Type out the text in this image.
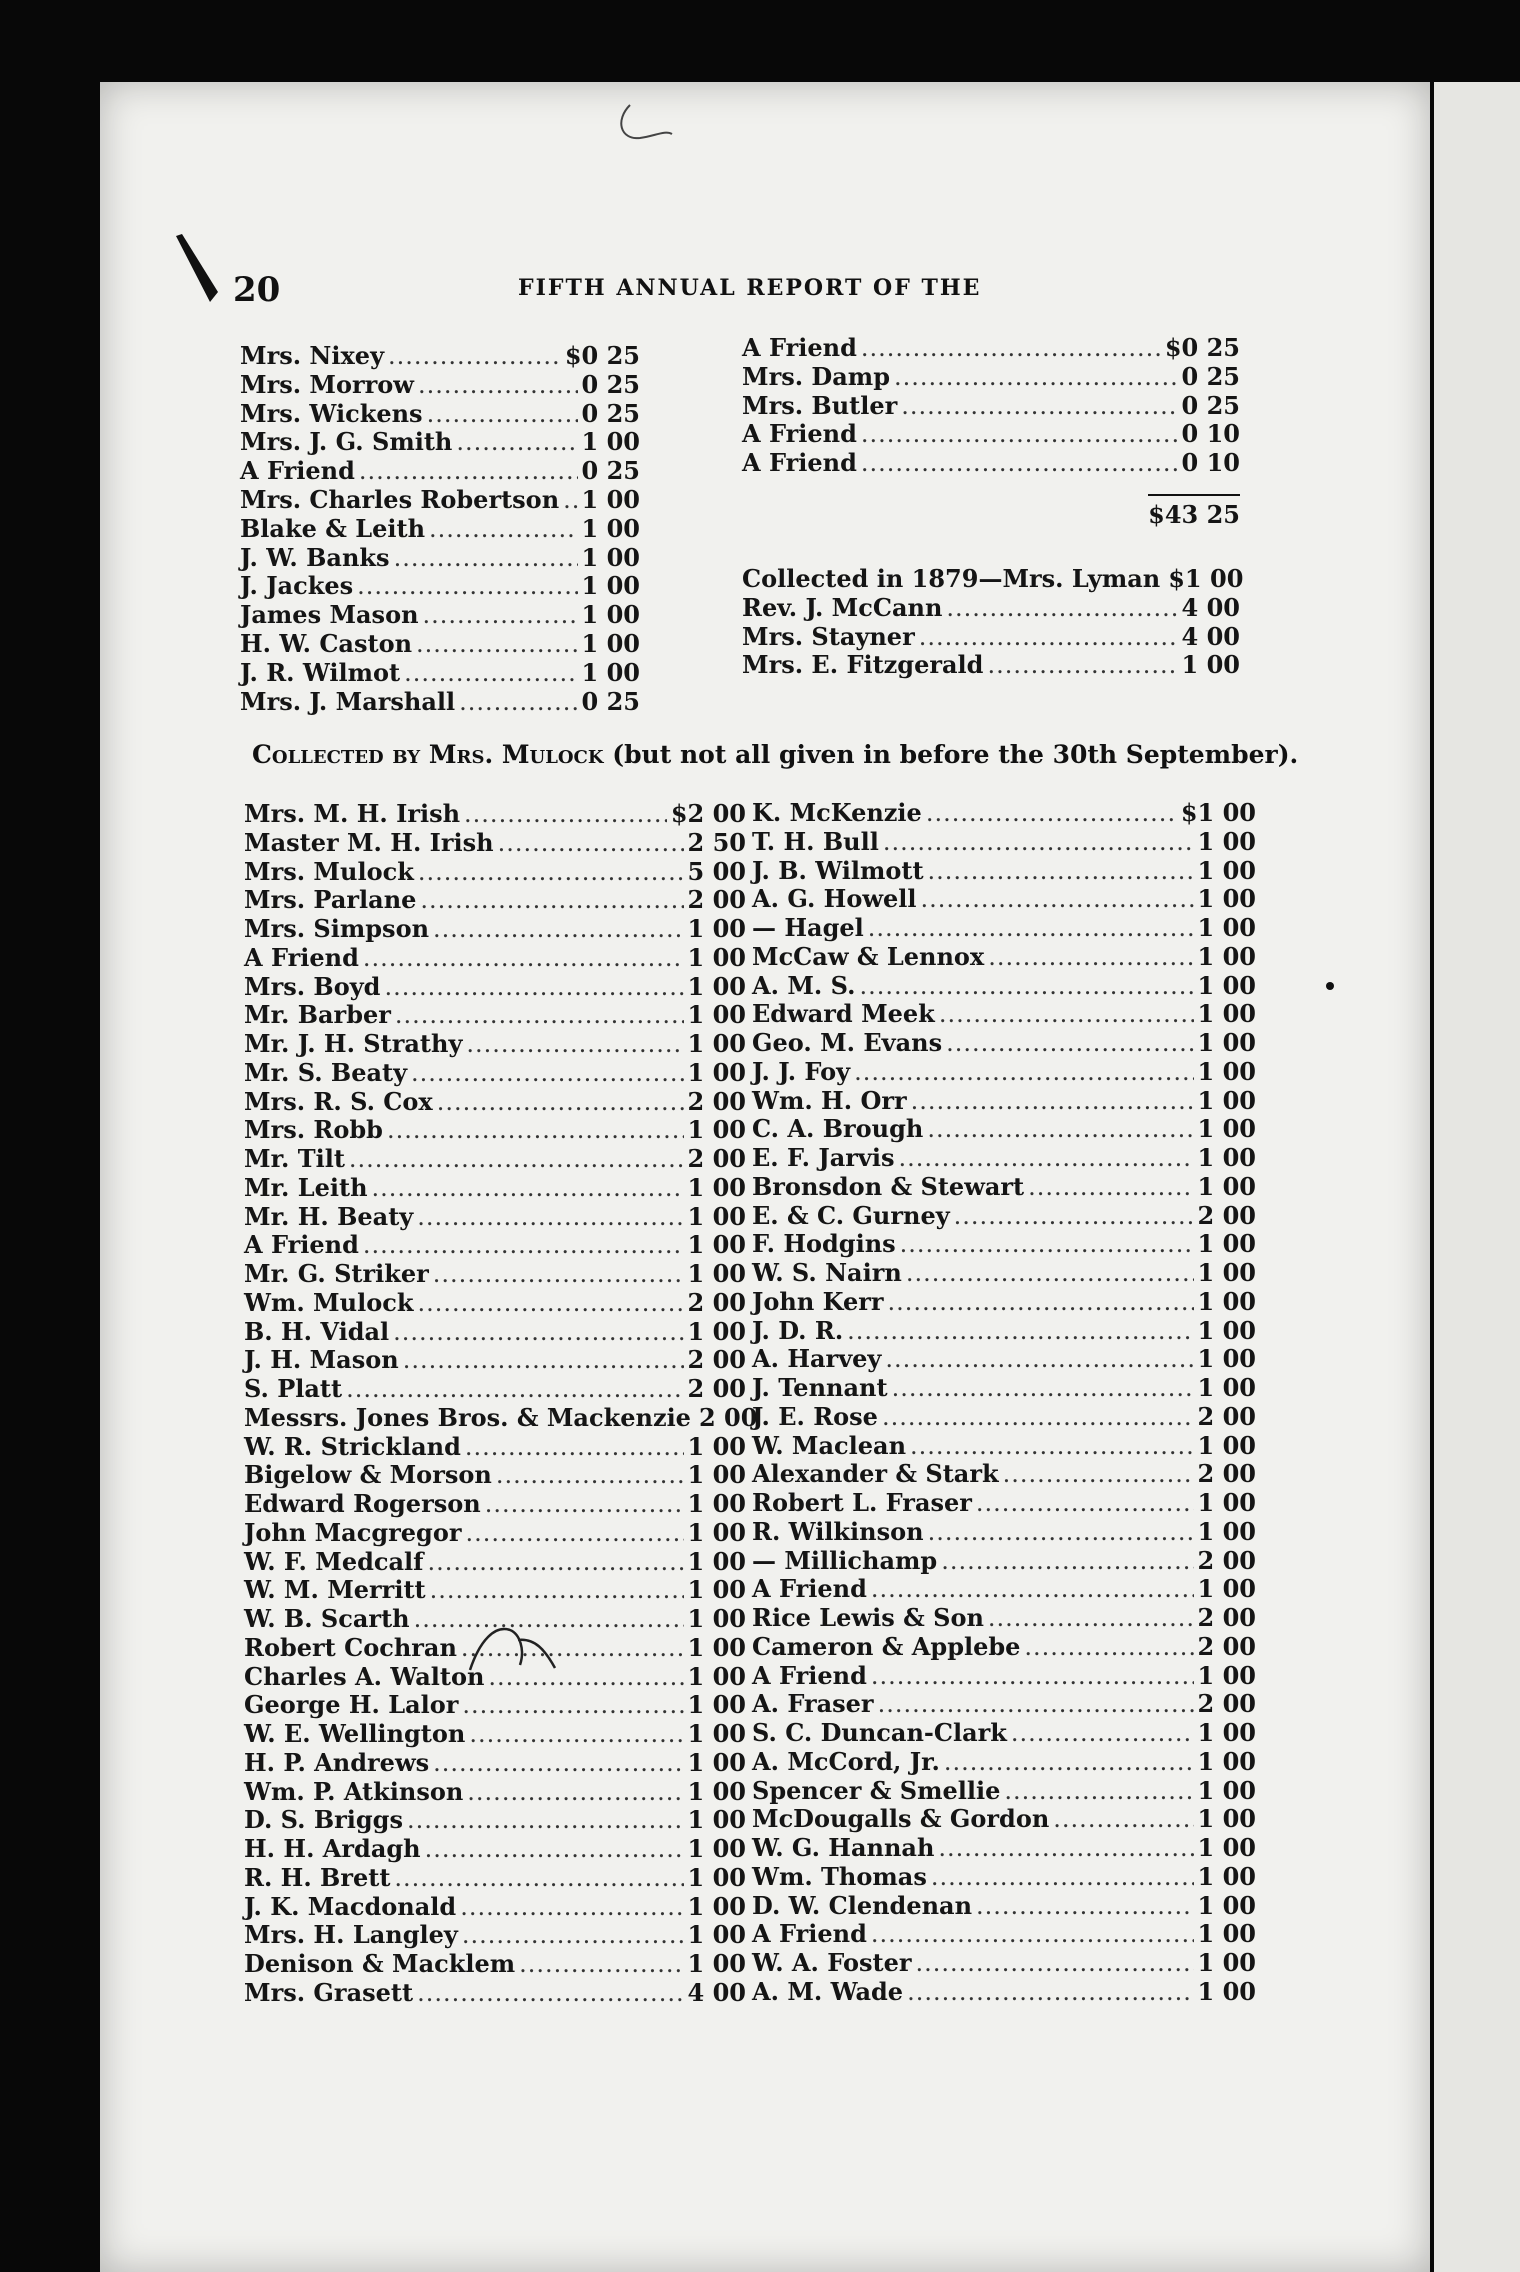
20	FIFTH ANNUAL REPORT OF THE
Mrs. Nixey .....	$0 25
Mrs. Morrow .....	0 25
Mrs. Wickens .....	0 25
Mrs. J. G. Smith .....	1 00
A Friend .....	0 25
Mrs. Charles Robertson ..... 1 00
Blake & Leith .....	1 00
J. W. Banks .....	1 00
J. Jackes .....	1 00
James Mason .....	1 00
H. W. Caston .....	1 00
J. R. Wilmot .....	1 00
Mrs. J. Marshall .....	0 25
A Friend .....	$0 25
Mrs. Damp .....	0 25
Mrs. Butler .....	0 25
A Friend .....	0 10
A Friend .....	0 10
$43 25
Collected in 1879—Mrs. Lyman $1 00
Rev. J. McCann .....	4 00
Mrs. Stayner .....	4 00
Mrs. E. Fitzgerald .....	1 00
Collected by Mrs. Mulock (but not all given in before the 30th September).
Mrs. M. H. Irish .....	$2 00
Master M. H. Irish .....	2 50
Mrs. Mulock .....	5 00
Mrs. Parlane .....	2 00
Mrs. Simpson .....	1 00
A Friend .....	1 00
Mrs. Boyd .....	1 00
Mr. Barber .....	1 00
Mr. J. H. Strathy .....	1 00
Mr. S. Beaty .....	1 00
Mrs. R. S. Cox .....	2 00
Mrs. Robb .....	1 00
Mr. Tilt .....	2 00
Mr. Leith .....	1 00
Mr. H. Beaty .....	1 00
A Friend .....	1 00
Mr. G. Striker .....	1 00
Wm. Mulock .....	2 00
B. H. Vidal .....	1 00
J. H. Mason .....	2 00
S. Platt .....	2 00
Messrs. Jones Bros. & Mackenzie 2 00
W. R. Strickland .....	1 00
Bigelow & Morson .....	1 00
Edward Rogerson .....	1 00
John Macgregor .....	1 00
W. F. Medcalf .....	1 00
W. M. Merritt .....	1 00
W. B. Scarth .....	1 00
Robert Cochran .....	1 00
Charles A. Walton .....	1 00
George H. Lalor .....	1 00
W. E. Wellington .....	1 00
H. P. Andrews .....	1 00
Wm. P. Atkinson .....	1 00
D. S. Briggs .....	1 00
H. H. Ardagh .....	1 00
R. H. Brett .....	1 00
J. K. Macdonald .....	1 00
Mrs. H. Langley .....	1 00
Denison & Macklem .....	1 00
Mrs. Grasett .....	4 00
K. McKenzie .....	$1 00
T. H. Bull .....	1 00
J. B. Wilmott .....	1 00
A. G. Howell .....	1 00
— Hagel .....	1 00
McCaw & Lennox .....	1 00
A. M. S. .....	1 00
Edward Meek .....	1 00
Geo. M. Evans .....	1 00
J. J. Foy .....	1 00
Wm. H. Orr .....	1 00
C. A. Brough .....	1 00
E. F. Jarvis .....	1 00
Bronsdon & Stewart .....	1 00
E. & C. Gurney .....	2 00
F. Hodgins .....	1 00
W. S. Nairn .....	1 00
John Kerr .....	1 00
J. D. R. .....	1 00
A. Harvey .....	1 00
J. Tennant .....	1 00
J. E. Rose .....	2 00
W. Maclean .....	1 00
Alexander & Stark .....	2 00
Robert L. Fraser .....	1 00
R. Wilkinson .....	1 00
— Millichamp .....	2 00
A Friend .....	1 00
Rice Lewis & Son .....	2 00
Cameron & Applebe .....	2 00
A Friend .....	1 00
A. Fraser .....	2 00
S. C. Duncan-Clark .....	1 00
A. McCord, Jr. .....	1 00
Spencer & Smellie .....	1 00
McDougalls & Gordon .....	1 00
W. G. Hannah .....	1 00
Wm. Thomas .....	1 00
D. W. Clendenan .....	1 00
A Friend .....	1 00
W. A. Foster .....	1 00
A. M. Wade .....	1 00
